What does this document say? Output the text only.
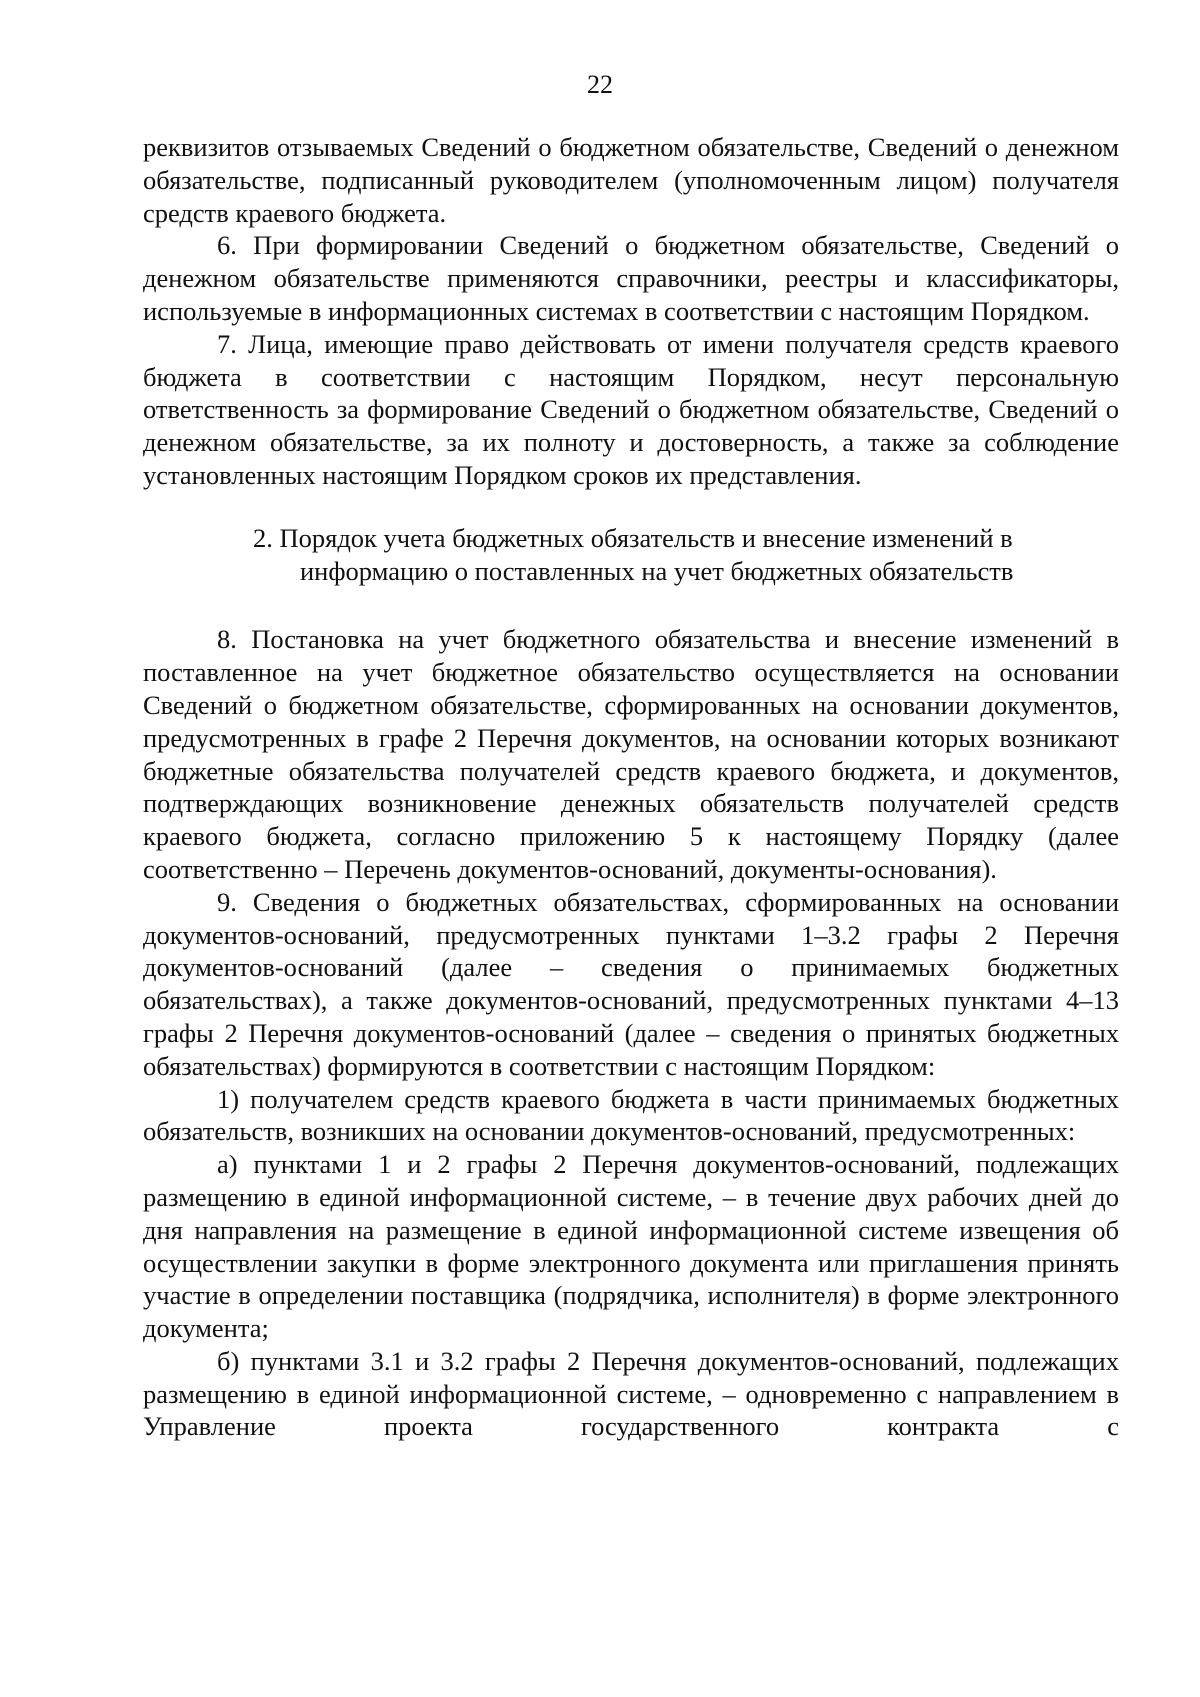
22

реквизитов отзываемых Сведений о бюджетном обязательстве, Сведений о денежном обязательстве, подписанный руководителем (уполномоченным лицом) получателя средств краевого бюджета.

6. При формировании Сведений о бюджетном обязательстве, Сведений о денежном обязательстве применяются справочники, реестры и классификаторы, используемые в информационных системах в соответствии с настоящим Порядком.

7. Лица, имеющие право действовать от имени получателя средств краевого бюджета в соответствии с настоящим Порядком, несут персональную ответственность за формирование Сведений о бюджетном обязательстве, Сведений о денежном обязательстве, за их полноту и достоверность, а также за соблюдение установленных настоящим Порядком сроков их представления.

2. Порядок учета бюджетных обязательств и внесение изменений в
информацию о поставленных на учет бюджетных обязательств

8. Постановка на учет бюджетного обязательства и внесение изменений в поставленное на учет бюджетное обязательство осуществляется на основании Сведений о бюджетном обязательстве, сформированных на основании документов, предусмотренных в графе 2 Перечня документов, на основании которых возникают бюджетные обязательства получателей средств краевого бюджета, и документов, подтверждающих возникновение денежных обязательств получателей средств краевого бюджета, согласно приложению 5 к настоящему Порядку (далее соответственно – Перечень документов-оснований, документы-основания).

9. Сведения о бюджетных обязательствах, сформированных на основании документов-оснований, предусмотренных пунктами 1–3.2 графы 2 Перечня документов-оснований (далее – сведения о принимаемых бюджетных обязательствах), а также документов-оснований, предусмотренных пунктами 4–13 графы 2 Перечня документов-оснований (далее – сведения о принятых бюджетных обязательствах) формируются в соответствии с настоящим Порядком:

1) получателем средств краевого бюджета в части принимаемых бюджетных обязательств, возникших на основании документов-оснований, предусмотренных:

а) пунктами 1 и 2 графы 2 Перечня документов-оснований, подлежащих размещению в единой информационной системе, – в течение двух рабочих дней до дня направления на размещение в единой информационной системе извещения об осуществлении закупки в форме электронного документа или приглашения принять участие в определении поставщика (подрядчика, исполнителя) в форме электронного документа;

б) пунктами 3.1 и 3.2 графы 2 Перечня документов-оснований, подлежащих размещению в единой информационной системе, – одновременно с направлением в Управление проекта государственного контракта с
